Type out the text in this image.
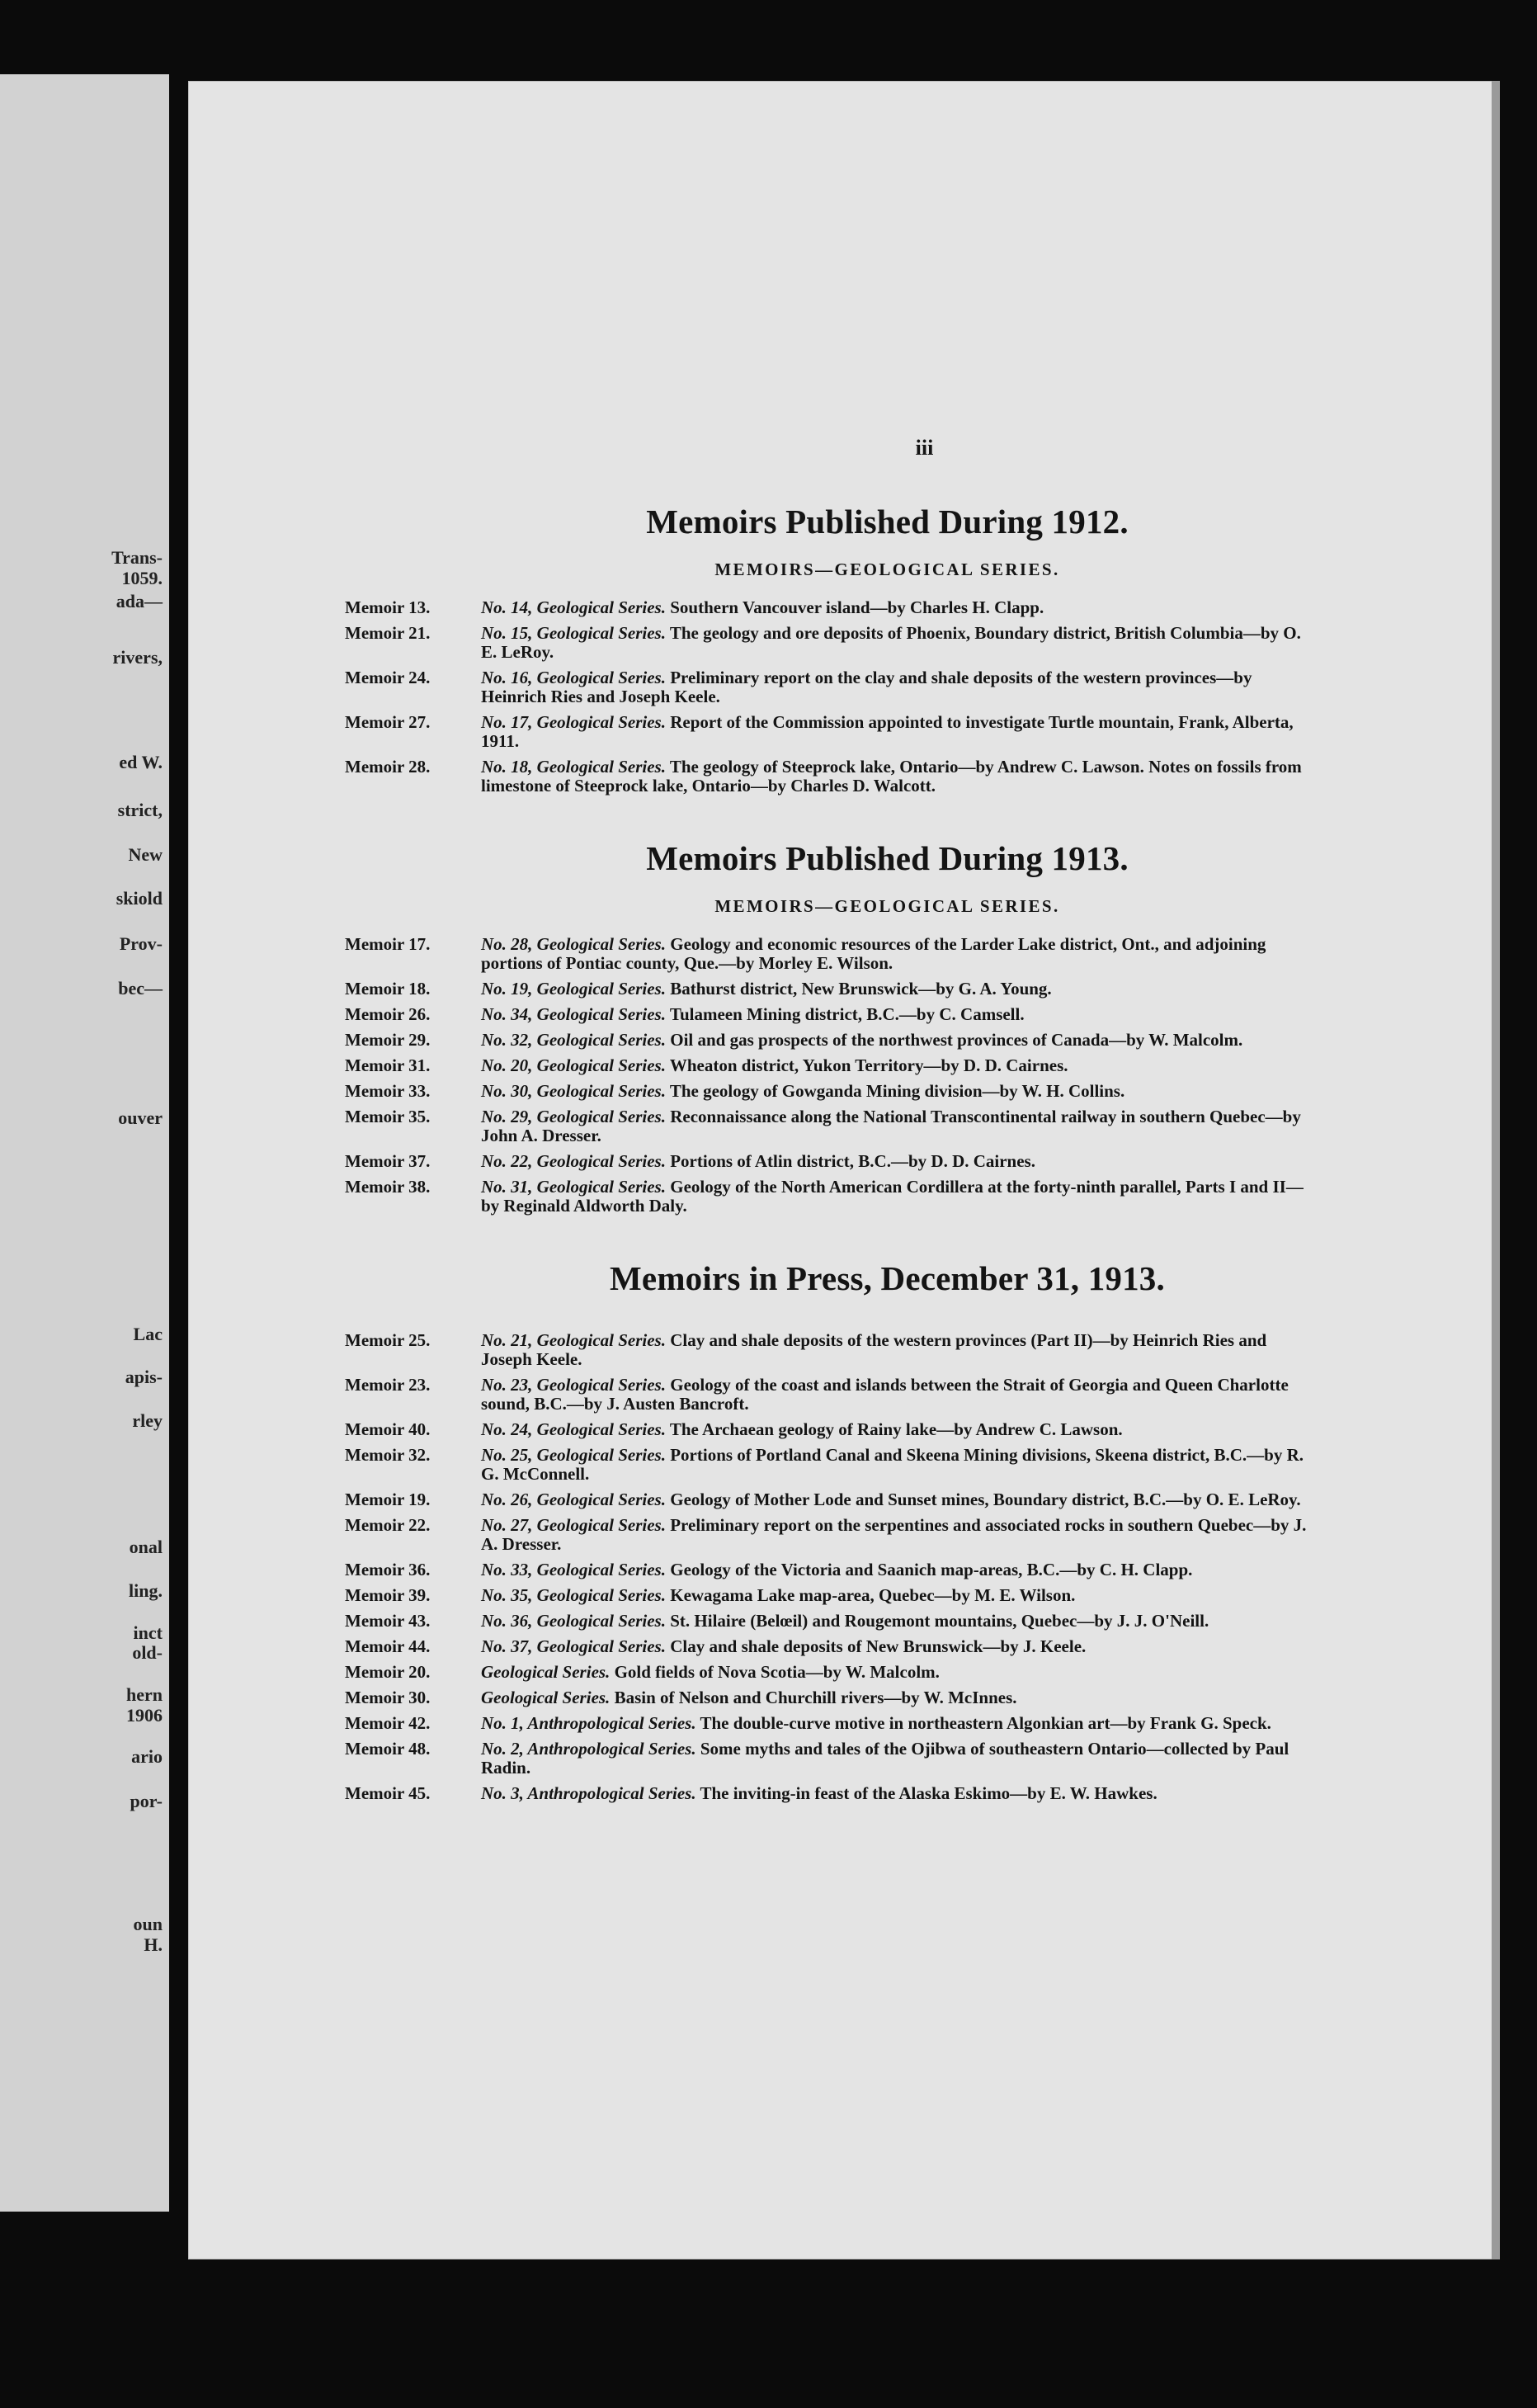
Trans-
1059.
ada—
rivers,
ed W.
strict,
New
skiold
Prov-
bec—
ouver
Lac
apis-
rley
onal
ling.
inct
old-
hern
1906
ario
por-
oun
H.
iii
Memoirs Published During 1912.
MEMOIRS—GEOLOGICAL SERIES.
Memoir 13.	No. 14, Geological Series. Southern Vancouver island—by Charles H. Clapp.
Memoir 21.	No. 15, Geological Series. The geology and ore deposits of Phoenix, Boundary district, British Columbia—by O. E. LeRoy.
Memoir 24.	No. 16, Geological Series. Preliminary report on the clay and shale deposits of the western provinces—by Heinrich Ries and Joseph Keele.
Memoir 27.	No. 17, Geological Series. Report of the Commission appointed to investigate Turtle mountain, Frank, Alberta, 1911.
Memoir 28.	No. 18, Geological Series. The geology of Steeprock lake, Ontario—by Andrew C. Lawson. Notes on fossils from limestone of Steeprock lake, Ontario—by Charles D. Walcott.
Memoirs Published During 1913.
MEMOIRS—GEOLOGICAL SERIES.
Memoir 17.	No. 28, Geological Series. Geology and economic resources of the Larder Lake district, Ont., and adjoining portions of Pontiac county, Que.—by Morley E. Wilson.
Memoir 18.	No. 19, Geological Series. Bathurst district, New Brunswick—by G. A. Young.
Memoir 26.	No. 34, Geological Series. Tulameen Mining district, B.C.—by C. Camsell.
Memoir 29.	No. 32, Geological Series. Oil and gas prospects of the northwest provinces of Canada—by W. Malcolm.
Memoir 31.	No. 20, Geological Series. Wheaton district, Yukon Territory—by D. D. Cairnes.
Memoir 33.	No. 30, Geological Series. The geology of Gowganda Mining division—by W. H. Collins.
Memoir 35.	No. 29, Geological Series. Reconnaissance along the National Transcontinental railway in southern Quebec—by John A. Dresser.
Memoir 37.	No. 22, Geological Series. Portions of Atlin district, B.C.—by D. D. Cairnes.
Memoir 38.	No. 31, Geological Series. Geology of the North American Cordillera at the forty-ninth parallel, Parts I and II—by Reginald Aldworth Daly.
Memoirs in Press, December 31, 1913.
Memoir 25.	No. 21, Geological Series. Clay and shale deposits of the western provinces (Part II)—by Heinrich Ries and Joseph Keele.
Memoir 23.	No. 23, Geological Series. Geology of the coast and islands between the Strait of Georgia and Queen Charlotte sound, B.C.—by J. Austen Bancroft.
Memoir 40.	No. 24, Geological Series. The Archaean geology of Rainy lake—by Andrew C. Lawson.
Memoir 32.	No. 25, Geological Series. Portions of Portland Canal and Skeena Mining divisions, Skeena district, B.C.—by R. G. McConnell.
Memoir 19.	No. 26, Geological Series. Geology of Mother Lode and Sunset mines, Boundary district, B.C.—by O. E. LeRoy.
Memoir 22.	No. 27, Geological Series. Preliminary report on the serpentines and associated rocks in southern Quebec—by J. A. Dresser.
Memoir 36.	No. 33, Geological Series. Geology of the Victoria and Saanich map-areas, B.C.—by C. H. Clapp.
Memoir 39.	No. 35, Geological Series. Kewagama Lake map-area, Quebec—by M. E. Wilson.
Memoir 43.	No. 36, Geological Series. St. Hilaire (Belœil) and Rougemont mountains, Quebec—by J. J. O'Neill.
Memoir 44.	No. 37, Geological Series. Clay and shale deposits of New Brunswick—by J. Keele.
Memoir 20.	Geological Series. Gold fields of Nova Scotia—by W. Malcolm.
Memoir 30.	Geological Series. Basin of Nelson and Churchill rivers—by W. McInnes.
Memoir 42.	No. 1, Anthropological Series. The double-curve motive in northeastern Algonkian art—by Frank G. Speck.
Memoir 48.	No. 2, Anthropological Series. Some myths and tales of the Ojibwa of southeastern Ontario—collected by Paul Radin.
Memoir 45.	No. 3, Anthropological Series. The inviting-in feast of the Alaska Eskimo—by E. W. Hawkes.
